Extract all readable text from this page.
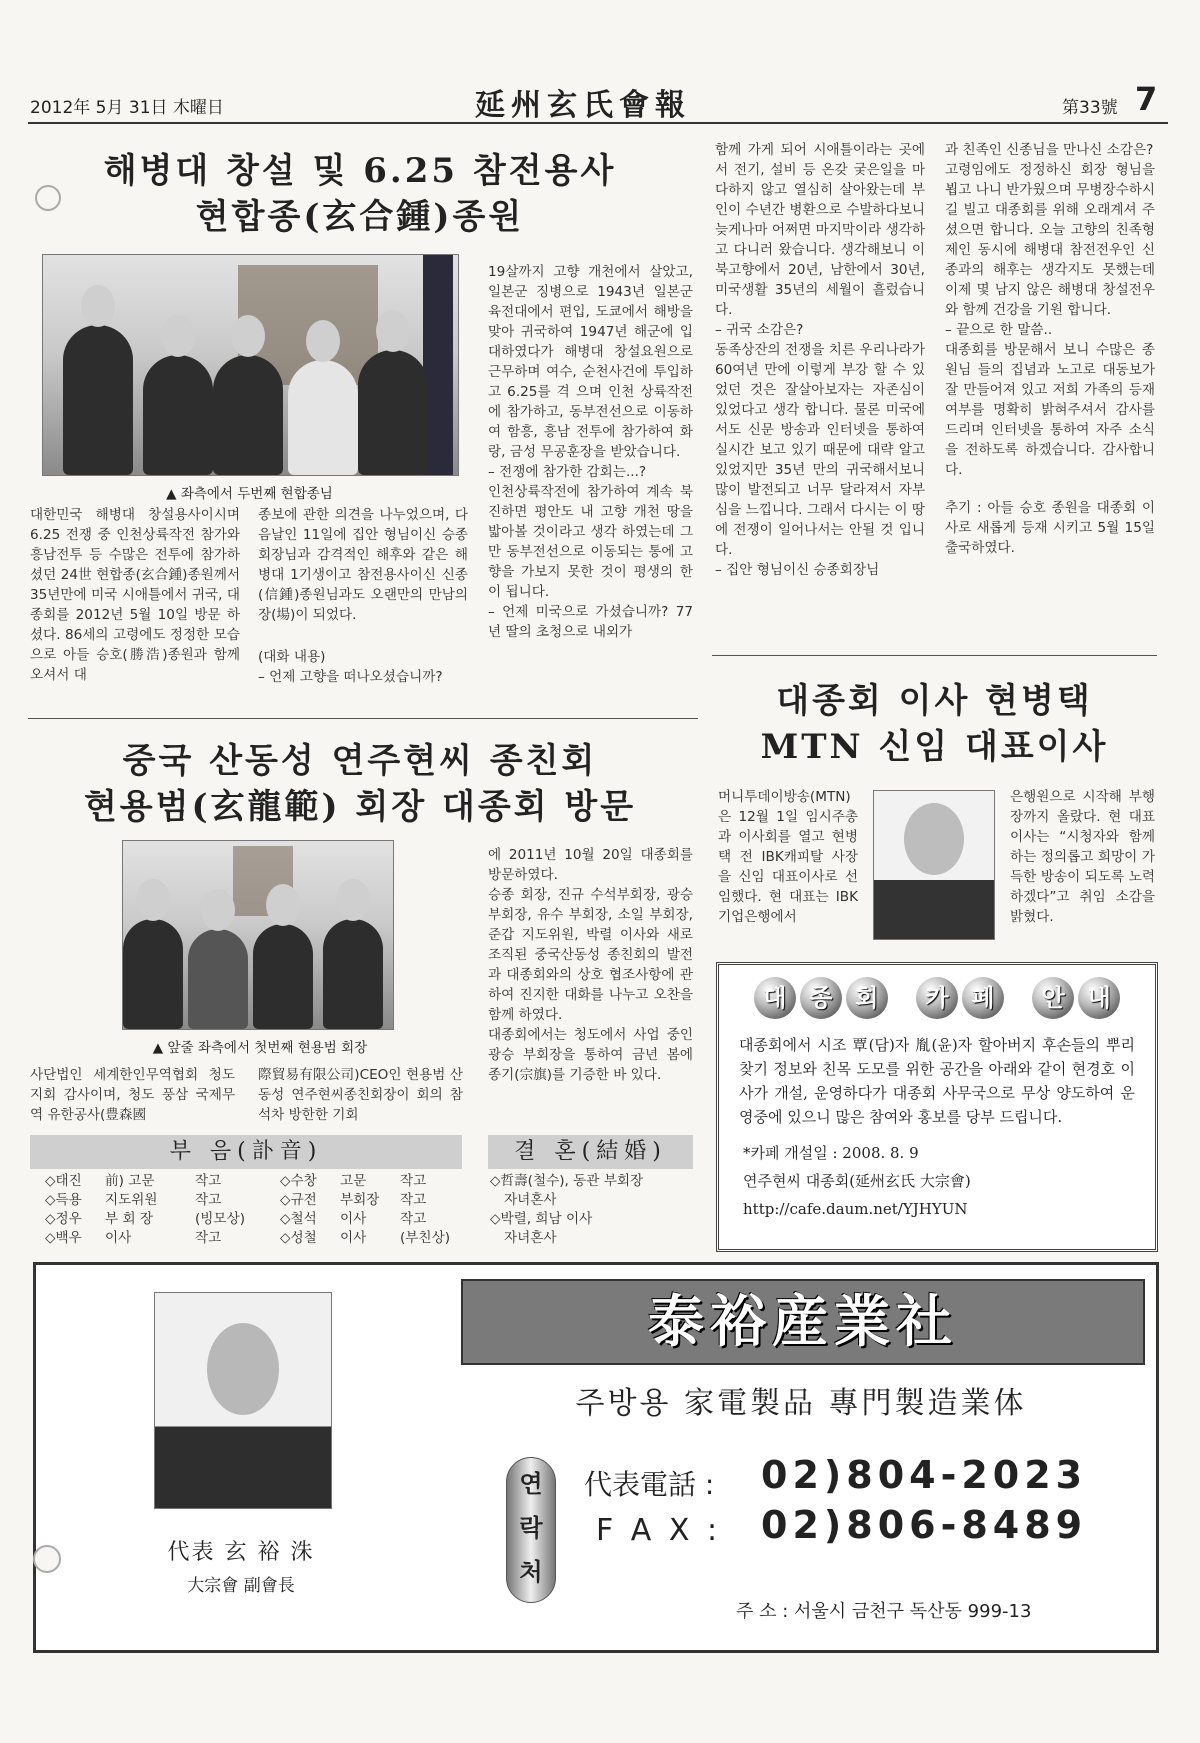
2012年 5月 31日 木曜日	延州玄氏會報	第33號 7
해병대 창설 및 6.25 참전용사
현합종(玄合鍾)종원
▲ 좌측에서 두번째 현합종님

대한민국 해병대 창설용사이시며 6.25 전쟁 중 인천상륙작전 참가와 흥남전투 등 수많은 전투에 참가하셨던 24世 현합종(玄合鍾)종원께서 35년만에 미국 시애틀에서 귀국, 대종회를 2012년 5월 10일 방문 하셨다. 86세의 고령에도 정정한 모습으로 아들 승호(勝浩)종원과 함께 오셔서 대

종보에 관한 의견을 나누었으며, 다음날인 11일에 집안 형님이신 승종회장님과 감격적인 해후와 같은 해병대 1기생이고 참전용사이신 신종(信鍾)종원님과도 오랜만의 만남의 장(場)이 되었다.

(대화 내용)

– 언제 고향을 떠나오셨습니까?

19살까지 고향 개천에서 살았고, 일본군 징병으로 1943년 일본군 육전대에서 편입, 도쿄에서 해방을 맞아 귀국하여 1947년 해군에 입대하였다가 해병대 창설요원으로 근무하며 여수, 순천사건에 투입하고 6.25를 격 으며 인천 상륙작전에 참가하고, 동부전선으로 이동하여 함흥, 흥남 전투에 참가하여 화랑, 금성 무공훈장을 받았습니다.

– 전쟁에 참가한 감회는...?

인천상륙작전에 참가하여 계속 북진하면 평안도 내 고향 개천 땅을 밟아볼 것이라고 생각 하였는데 그만 동부전선으로 이동되는 통에 고향을 가보지 못한 것이 평생의 한이 됩니다.

– 언제 미국으로 가셨습니까? 77년 딸의 초청으로 내외가

함께 가게 되어 시애틀이라는 곳에서 전기, 설비 등 온갖 궂은일을 마다하지 않고 열심히 살아왔는데 부인이 수년간 병환으로 수발하다보니 늦게나마 어쩌면 마지막이라 생각하고 다니러 왔습니다. 생각해보니 이북고향에서 20년, 남한에서 30년, 미국생활 35년의 세월이 흘렀습니다.

– 귀국 소감은?

동족상잔의 전쟁을 치른 우리나라가 60여년 만에 이렇게 부강 할 수 있었던 것은 잘살아보자는 자존심이 있었다고 생각 합니다. 물론 미국에서도 신문 방송과 인터넷을 통하여 실시간 보고 있기 때문에 대략 알고 있었지만 35년 만의 귀국해서보니 많이 발전되고 너무 달라져서 자부심을 느낍니다. 그래서 다시는 이 땅에 전쟁이 일어나서는 안될 것 입니다.

– 집안 형님이신 승종회장님

과 친족인 신종님을 만나신 소감은?

고령임에도 정정하신 회장 형님을 뵙고 나니 반가웠으며 무병장수하시길 빌고 대종회를 위해 오래계셔 주셨으면 합니다. 오늘 고향의 친족형제인 동시에 해병대 참전전우인 신종과의 해후는 생각지도 못했는데 이제 몇 남지 않은 해병대 창설전우와 함께 건강을 기원 합니다.

– 끝으로 한 말씀..

대종회를 방문해서 보니 수많은 종원님 들의 집념과 노고로 대동보가 잘 만들어져 있고 저희 가족의 등재여부를 명확히 밝혀주셔서 감사를 드리며 인터넷을 통하여 자주 소식을 전하도록 하겠습니다. 감사합니다.

추기 : 아들 승호 종원을 대종회 이사로 새롭게 등재 시키고 5월 15일 출국하였다.

중국 산동성 연주현씨 종친회
현용범(玄龍範) 회장 대종회 방문
▲ 앞줄 좌측에서 첫번째 현용범 회장

사단법인 세계한인무역협회 청도지회 감사이며, 청도 풍삼 국제무역 유한공사(豊森國

際貿易有限公司)CEO인 현용범 산동성 연주현씨종친회장이 회의 참석차 방한한 기회

에 2011년 10월 20일 대종회를 방문하였다.

승종 회장, 진규 수석부회장, 광승 부회장, 유수 부회장, 소일 부회장, 준갑 지도위원, 박렬 이사와 새로 조직된 중국산동성 종친회의 발전과 대종회와의 상호 협조사항에 관하여 진지한 대화를 나누고 오찬을 함께 하였다.

대종회에서는 청도에서 사업 중인 광승 부회장을 통하여 금년 봄에 종기(宗旗)를 기증한 바 있다.

대종회 이사 현병택
MTN 신임 대표이사

머니투데이방송(MTN)은 12월 1일 임시주총과 이사회를 열고 현병택 전 IBK캐피탈 사장을 신임 대표이사로 선임했다. 현 대표는 IBK기업은행에서

은행원으로 시작해 부행장까지 올랐다. 현 대표이사는 “시청자와 함께하는 정의롭고 희망이 가득한 방송이 되도록 노력하겠다”고 취임 소감을 밝혔다.

대 종 회 카 페 안 내
대종회에서 시조 覃(담)자 胤(윤)자 할아버지 후손들의 뿌리 찾기 정보와 친목 도모를 위한 공간을 아래와 같이 현경호 이사가 개설, 운영하다가 대종회 사무국으로 무상 양도하여 운영중에 있으니 많은 참여와 홍보를 당부 드립니다.
*카페 개설일 : 2008. 8. 9
연주현씨 대종회(延州玄氏 大宗會)
http://cafe.daum.net/YJHYUN
부 음(訃音)
◇태진	前) 고문	작고
◇득용	지도위원	작고
◇정우	부 회 장	(빙모상)
◇백우	이사	작고
◇수창	고문	작고
◇규전	부회장	작고
◇철석	이사	작고
◇성철	이사	(부친상)
결 혼(結婚)
◇哲壽(철수), 동관 부회장
자녀혼사
◇박렬, 희남 이사
자녀혼사
代表 玄 裕 洙
大宗會 副會長
泰裕産業社
주방용 家電製品 專門製造業体
연
락
처
代表電話 : 02)804-2023
F A X : 02)806-8489
주 소 : 서울시 금천구 독산동 999-13
